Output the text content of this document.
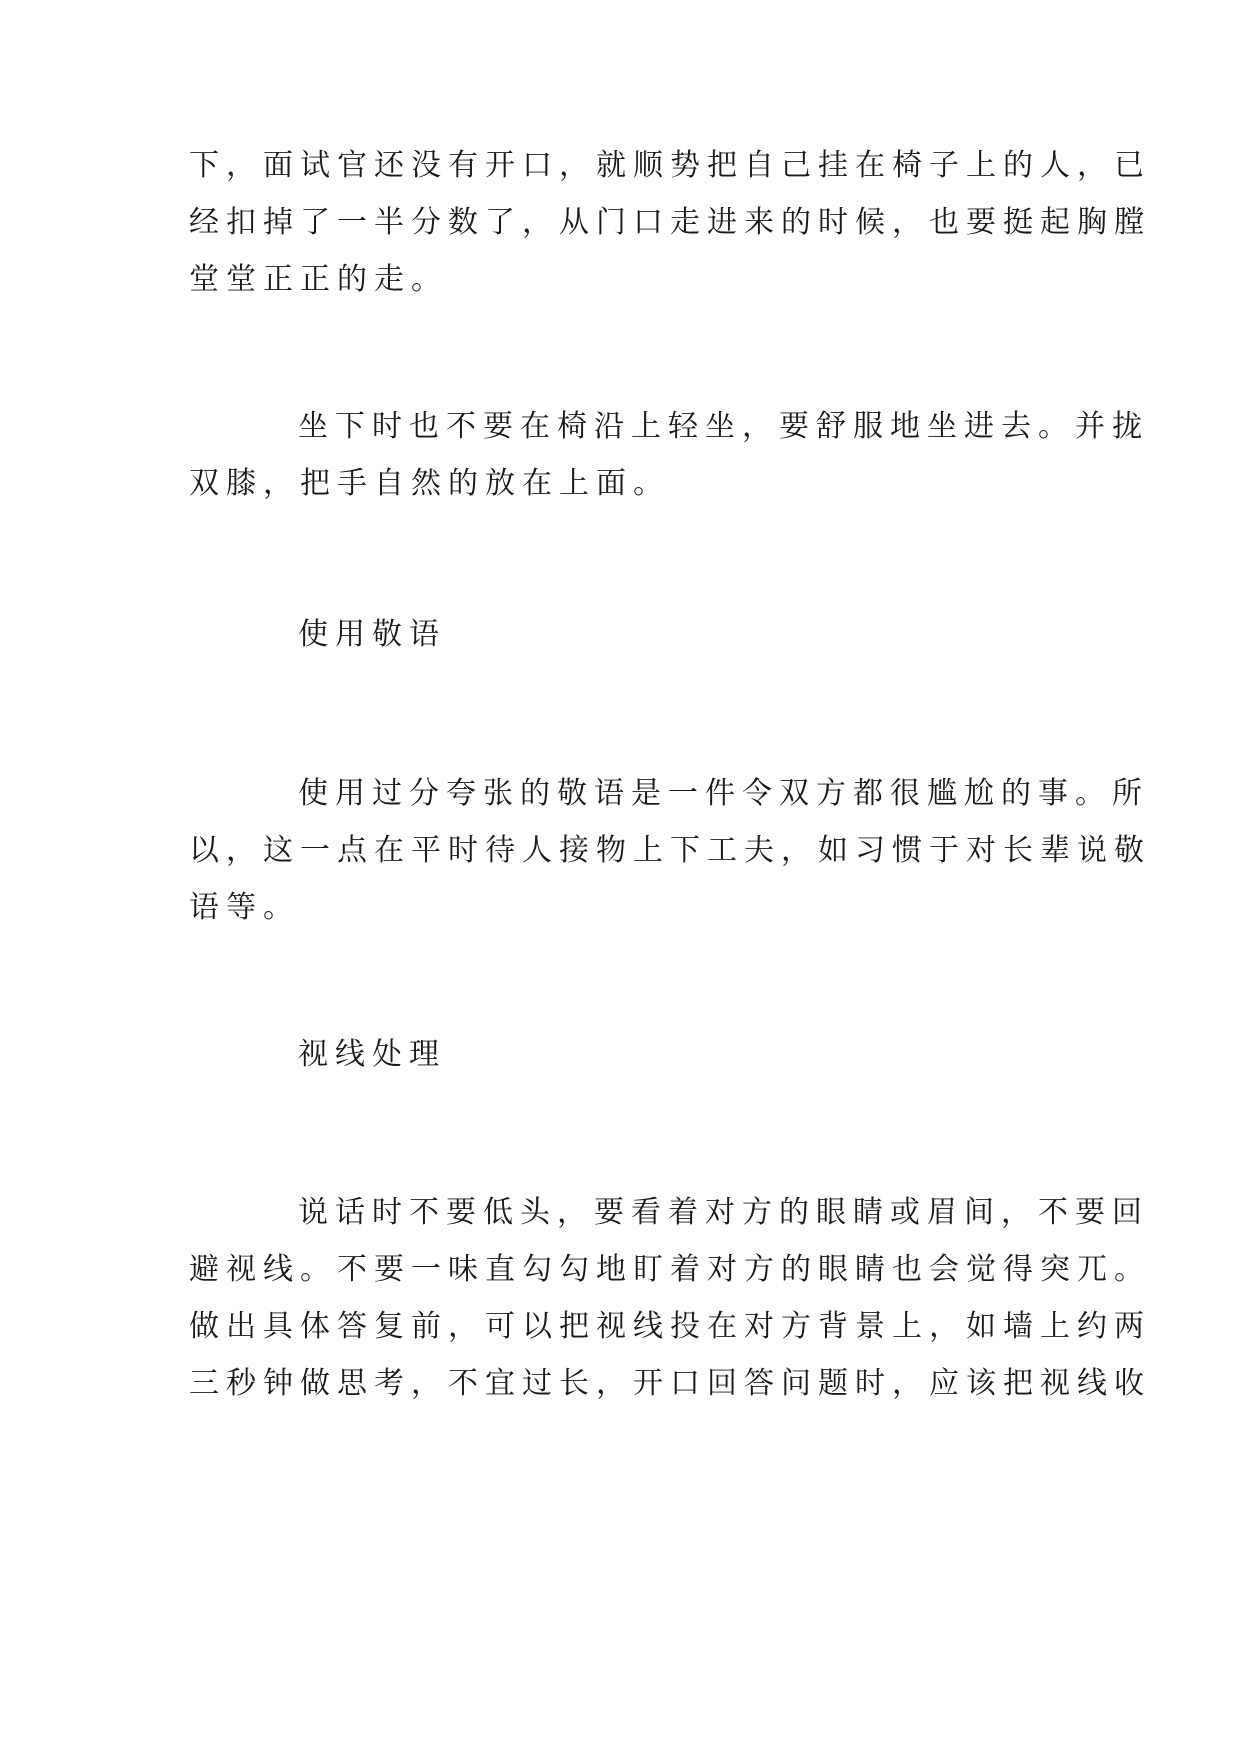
下，面试官还没有开口，就顺势把自己挂在椅子上的人，已
经扣掉了一半分数了，从门口走进来的时候，也要挺起胸膛
堂堂正正的走。
坐下时也不要在椅沿上轻坐，要舒服地坐进去。并拢
双膝，把手自然的放在上面。
使用敬语
使用过分夸张的敬语是一件令双方都很尴尬的事。所
以，这一点在平时待人接物上下工夫，如习惯于对长辈说敬
语等。
视线处理
说话时不要低头，要看着对方的眼睛或眉间，不要回
避视线。不要一味直勾勾地盯着对方的眼睛也会觉得突兀。
做出具体答复前，可以把视线投在对方背景上，如墙上约两
三秒钟做思考，不宜过长，开口回答问题时，应该把视线收
